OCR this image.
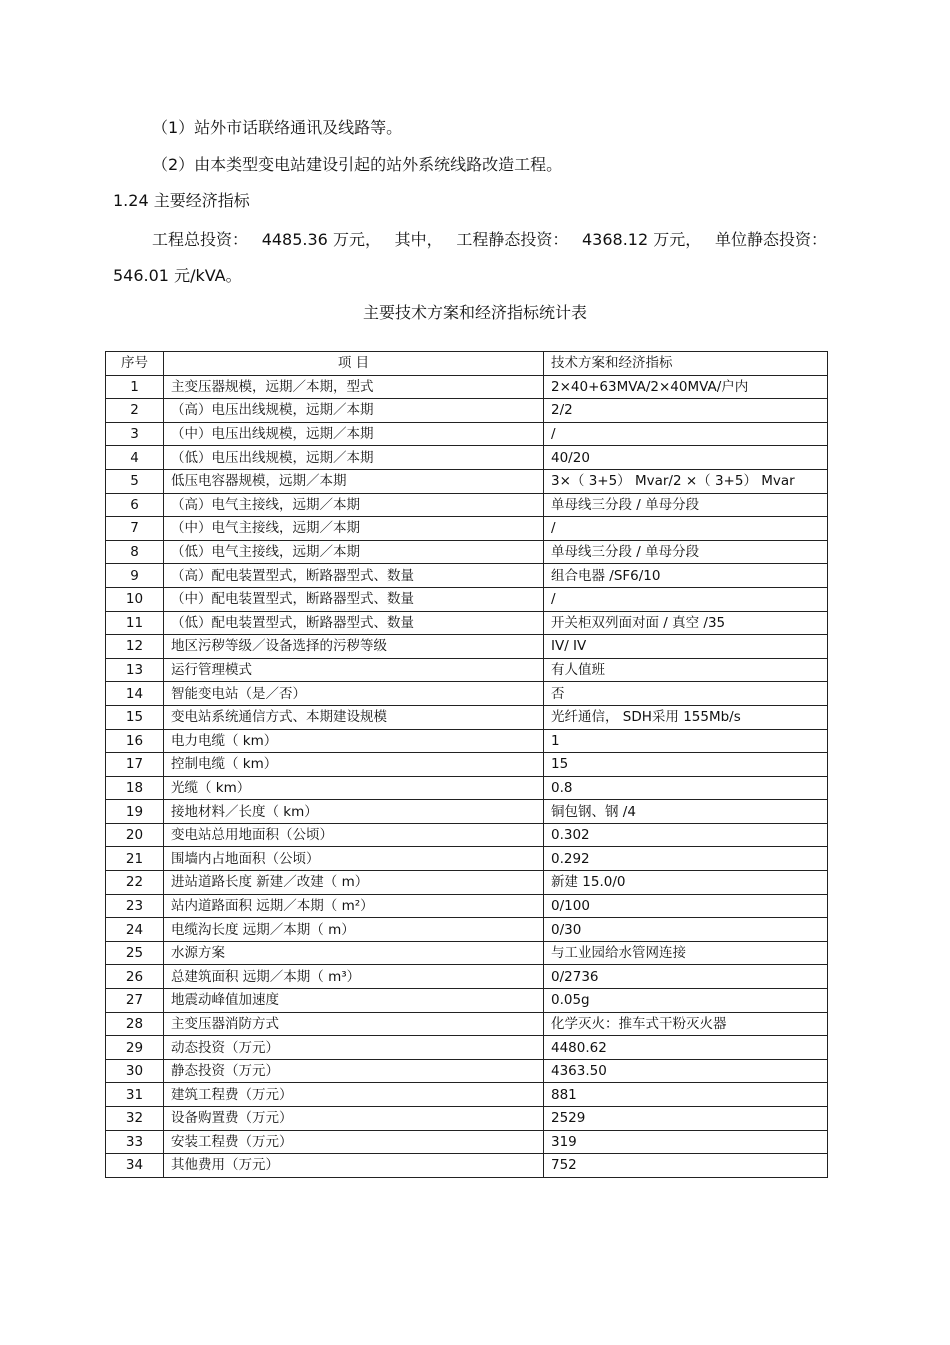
（1）站外市话联络通讯及线路等。
（2）由本类型变电站建设引起的站外系统线路改造工程。
1.24 主要经济指标
工程总投资： 4485.36 万元， 其中， 工程静态投资： 4368.12 万元， 单位静态投资：
546.01 元/kVA。
主要技术方案和经济指标统计表
序号	项 目	技术方案和经济指标
1	主变压器规模，远期／本期，型式	2×40+63MVA/2×40MVA/户内
2	（高）电压出线规模，远期／本期	2/2
3	（中）电压出线规模，远期／本期	/
4	（低）电压出线规模，远期／本期	40/20
5	低压电容器规模，远期／本期	3×（ 3+5） Mvar/2 ×（ 3+5） Mvar
6	（高）电气主接线，远期／本期	单母线三分段 / 单母分段
7	（中）电气主接线，远期／本期	/
8	（低）电气主接线，远期／本期	单母线三分段 / 单母分段
9	（高）配电装置型式，断路器型式、数量	组合电器 /SF6/10
10	（中）配电装置型式，断路器型式、数量	/
11	（低）配电装置型式，断路器型式、数量	开关柜双列面对面 / 真空 /35
12	地区污秽等级／设备选择的污秽等级	IV/ IV
13	运行管理模式	有人值班
14	智能变电站（是／否）	否
15	变电站系统通信方式、本期建设规模	光纤通信， SDH采用 155Mb/s
16	电力电缆（ km）	1
17	控制电缆（ km）	15
18	光缆（ km）	0.8
19	接地材料／长度（ km）	铜包钢、钢 /4
20	变电站总用地面积（公顷）	0.302
21	围墙内占地面积（公顷）	0.292
22	进站道路长度 新建／改建（ m）	新建 15.0/0
23	站内道路面积 远期／本期（ m²）	0/100
24	电缆沟长度 远期／本期（ m）	0/30
25	水源方案	与工业园给水管网连接
26	总建筑面积 远期／本期（ m³）	0/2736
27	地震动峰值加速度	0.05g
28	主变压器消防方式	化学灭火：推车式干粉灭火器
29	动态投资（万元）	4480.62
30	静态投资（万元）	4363.50
31	建筑工程费（万元）	881
32	设备购置费（万元）	2529
33	安装工程费（万元）	319
34	其他费用（万元）	752
